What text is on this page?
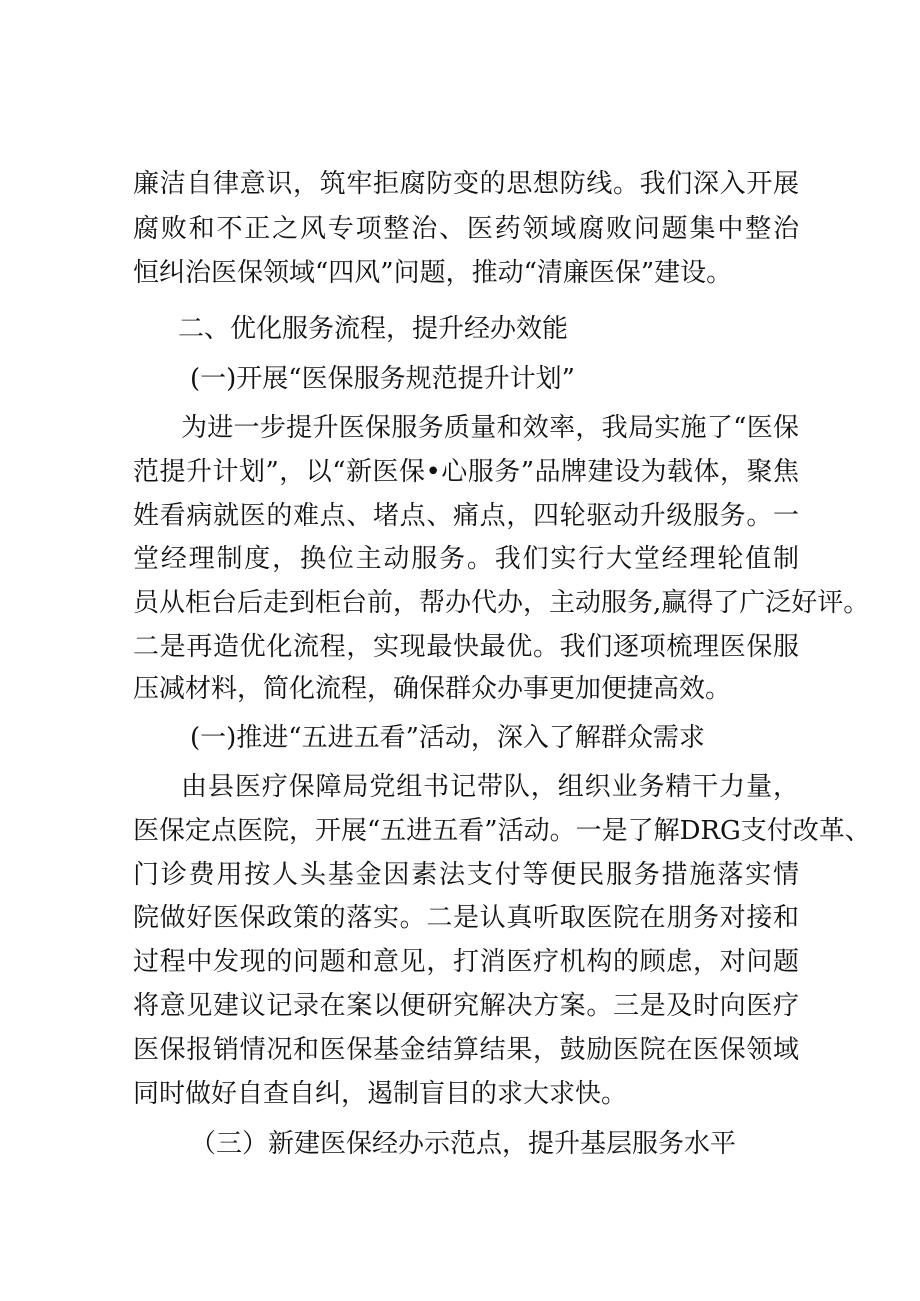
廉洁自律意识，筑牢拒腐防变的思想防线。我们深入开展
腐败和不正之风专项整治、医药领域腐败问题集中整治
恒纠治医保领域“四风”问题，推动“清廉医保”建设。
二、优化服务流程，提升经办效能
(一)开展“医保服务规范提升计划”
为进一步提升医保服务质量和效率，我局实施了“医保
范提升计划”，以“新医保•心服务”品牌建设为载体，聚焦
姓看病就医的难点、堵点、痛点，四轮驱动升级服务。一
堂经理制度，换位主动服务。我们实行大堂经理轮值制
员从柜台后走到柜台前，帮办代办，主动服务,赢得了广泛好评。
二是再造优化流程，实现最快最优。我们逐项梳理医保服
压减材料，简化流程，确保群众办事更加便捷高效。
(一)推进“五进五看”活动，深入了解群众需求
由县医疗保障局党组书记带队，组织业务精干力量，
医保定点医院，开展“五进五看”活动。一是了解DRG支付改革、
门诊费用按人头基金因素法支付等便民服务措施落实情
院做好医保政策的落实。二是认真听取医院在朋务对接和
过程中发现的问题和意见，打消医疗机构的顾虑，对问题
将意见建议记录在案以便研究解决方案。三是及时向医疗
医保报销情况和医保基金结算结果，鼓励医院在医保领域
同时做好自查自纠，遏制盲目的求大求快。
（三）新建医保经办示范点，提升基层服务水平
